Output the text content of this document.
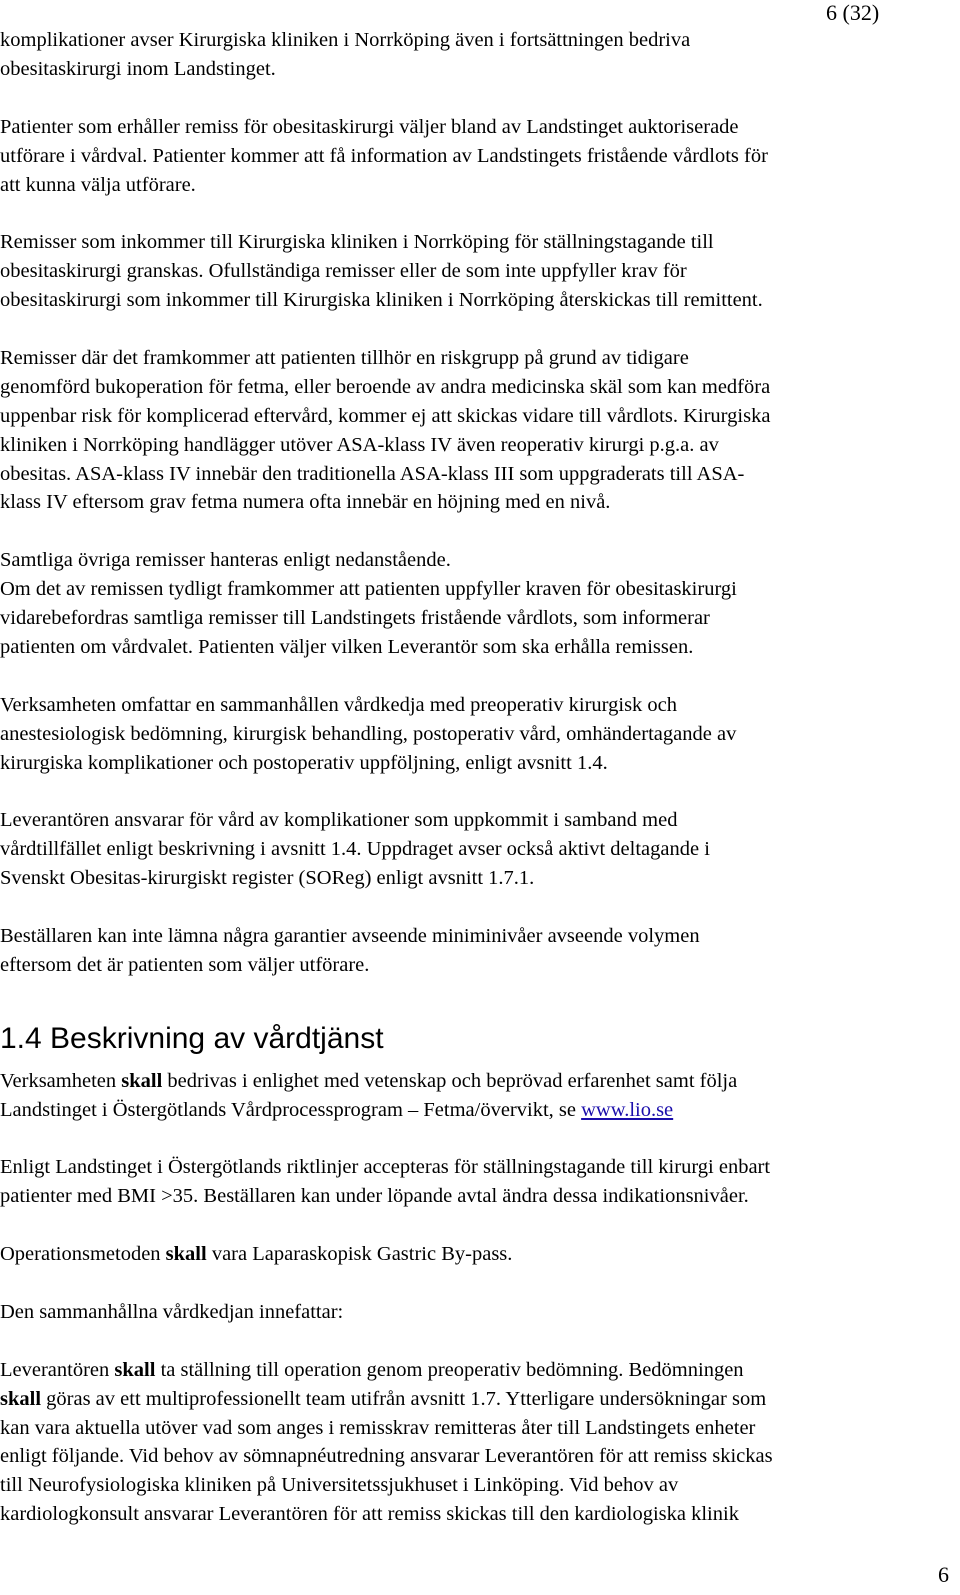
6 (32)

komplikationer avser Kirurgiska kliniken i Norrköping även i fortsättningen bedriva
obesitaskirurgi inom Landstinget.

Patienter som erhåller remiss för obesitaskirurgi väljer bland av Landstinget auktoriserade
utförare i vårdval. Patienter kommer att få information av Landstingets fristående vårdlots för
att kunna välja utförare.

Remisser som inkommer till Kirurgiska kliniken i Norrköping för ställningstagande till
obesitaskirurgi granskas. Ofullständiga remisser eller de som inte uppfyller krav för
obesitaskirurgi som inkommer till Kirurgiska kliniken i Norrköping återskickas till remittent.

Remisser där det framkommer att patienten tillhör en riskgrupp på grund av tidigare
genomförd bukoperation för fetma, eller beroende av andra medicinska skäl som kan medföra
uppenbar risk för komplicerad eftervård, kommer ej att skickas vidare till vårdlots. Kirurgiska
kliniken i Norrköping handlägger utöver ASA-klass IV även reoperativ kirurgi p.g.a. av
obesitas. ASA-klass IV innebär den traditionella ASA-klass III som uppgraderats till ASA-
klass IV eftersom grav fetma numera ofta innebär en höjning med en nivå.

Samtliga övriga remisser hanteras enligt nedanstående.
Om det av remissen tydligt framkommer att patienten uppfyller kraven för obesitaskirurgi
vidarebefordras samtliga remisser till Landstingets fristående vårdlots, som informerar
patienten om vårdvalet. Patienten väljer vilken Leverantör som ska erhålla remissen.

Verksamheten omfattar en sammanhållen vårdkedja med preoperativ kirurgisk och
anestesiologisk bedömning, kirurgisk behandling, postoperativ vård, omhändertagande av
kirurgiska komplikationer och postoperativ uppföljning, enligt avsnitt 1.4.

Leverantören ansvarar för vård av komplikationer som uppkommit i samband med
vårdtillfället enligt beskrivning i avsnitt 1.4. Uppdraget avser också aktivt deltagande i
Svenskt Obesitas-kirurgiskt register (SOReg) enligt avsnitt 1.7.1.

Beställaren kan inte lämna några garantier avseende miniminivåer avseende volymen
eftersom det är patienten som väljer utförare.

1.4 Beskrivning av vårdtjänst

Verksamheten skall bedrivas i enlighet med vetenskap och beprövad erfarenhet samt följa
Landstinget i Östergötlands Vårdprocessprogram – Fetma/övervikt, se www.lio.se

Enligt Landstinget i Östergötlands riktlinjer accepteras för ställningstagande till kirurgi enbart
patienter med BMI >35. Beställaren kan under löpande avtal ändra dessa indikationsnivåer.

Operationsmetoden skall vara Laparaskopisk Gastric By-pass.

Den sammanhållna vårdkedjan innefattar:

Leverantören skall ta ställning till operation genom preoperativ bedömning. Bedömningen
skall göras av ett multiprofessionellt team utifrån avsnitt 1.7. Ytterligare undersökningar som
kan vara aktuella utöver vad som anges i remisskrav remitteras åter till Landstingets enheter
enligt följande. Vid behov av sömnapnéutredning ansvarar Leverantören för att remiss skickas
till Neurofysiologiska kliniken på Universitetssjukhuset i Linköping. Vid behov av
kardiologkonsult ansvarar Leverantören för att remiss skickas till den kardiologiska klinik

6
